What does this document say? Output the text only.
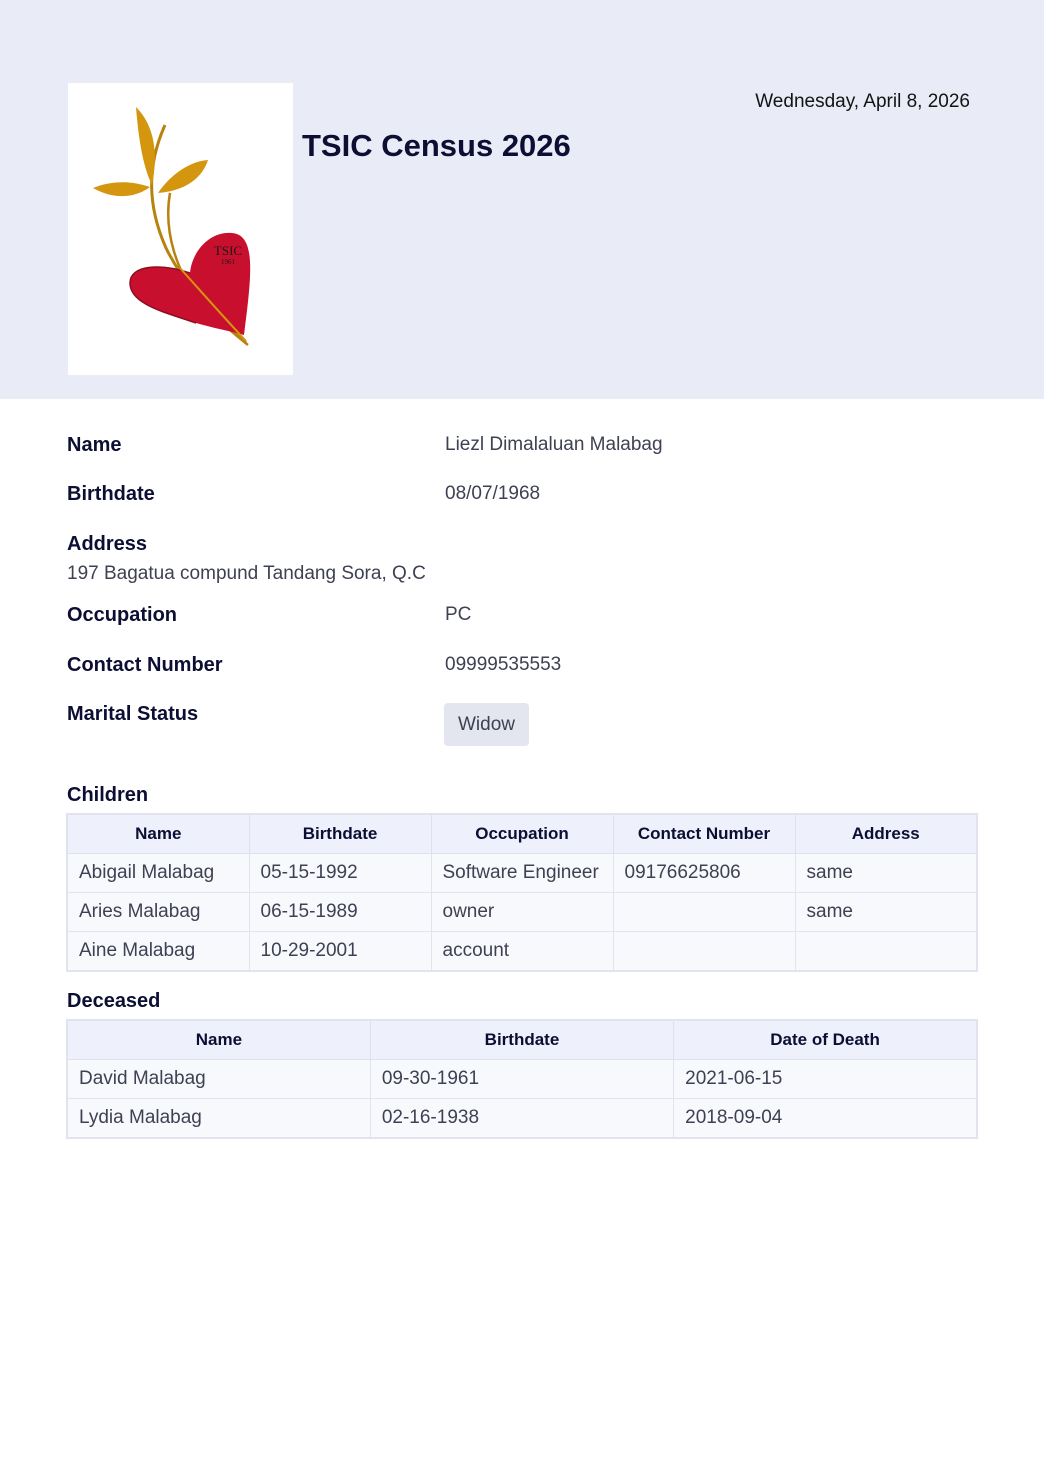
TSIC
1961
TSIC Census 2026
Wednesday, April 8, 2026
Name	Liezl Dimalaluan Malabag
Birthdate	08/07/1968
Address
197 Bagatua compund Tandang Sora, Q.C
Occupation	PC
Contact Number	09999535553
Marital Status	Widow
Children
Name	Birthdate	Occupation	Contact Number	Address
Abigail Malabag	05-15-1992	Software Engineer	09176625806	same
Aries Malabag	06-15-1989	owner		same
Aine Malabag	10-29-2001	account		
Deceased
Name	Birthdate	Date of Death
David Malabag	09-30-1961	2021-06-15
Lydia Malabag	02-16-1938	2018-09-04
